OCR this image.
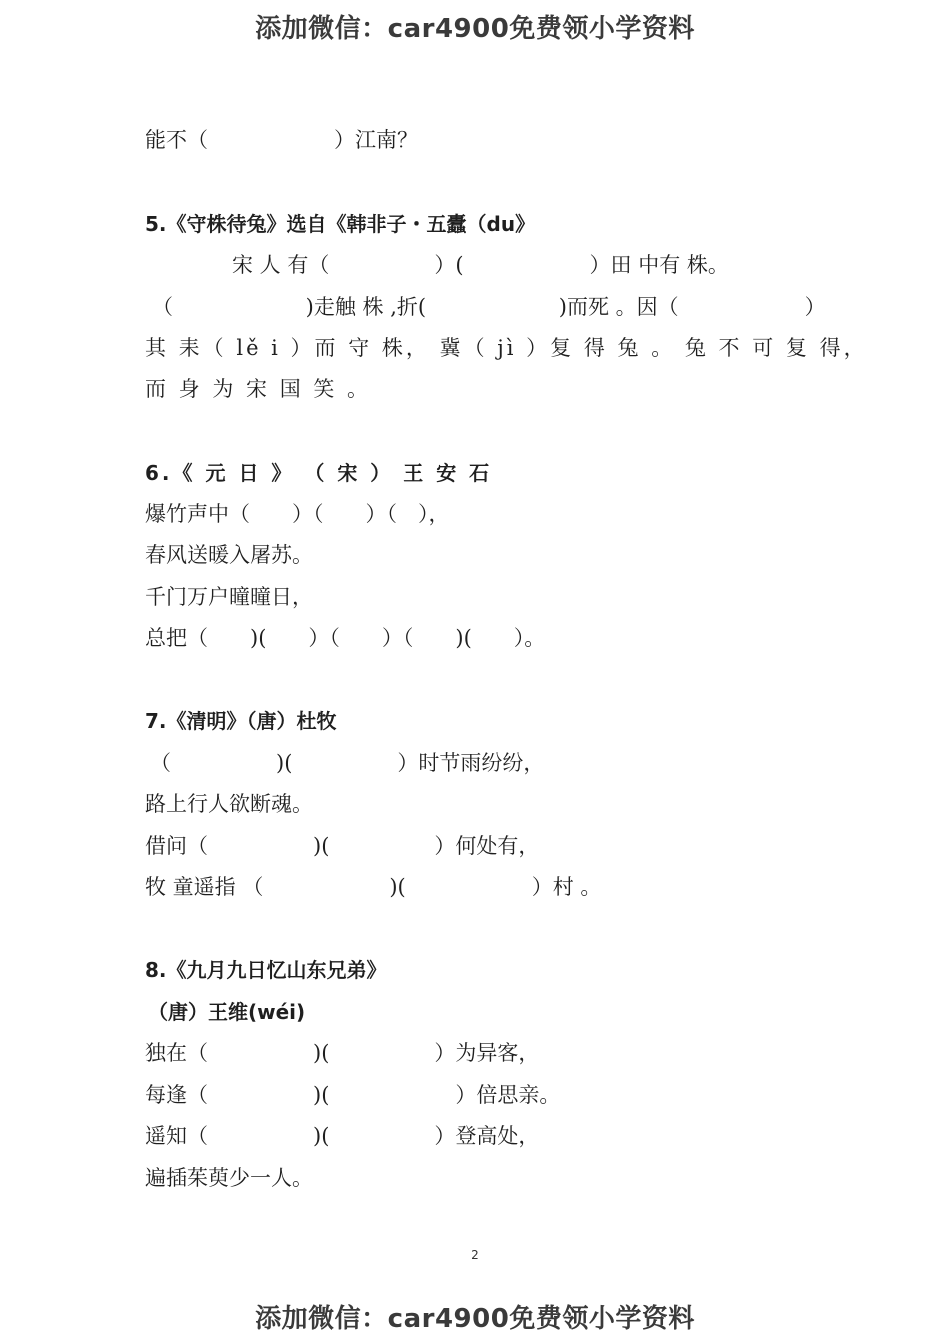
添加微信：car4900免费领小学资料
能不（　　　　　　）江南？
5.《守株待兔》选自《韩非子・五蠹（du》
宋 人 有（　　　　　）(　　　　　　）田 中有 株。
（　　　　　　 )走触 株 ,折(　　　　　　 )而死 。因（　　　　　　）
其 耒（ lě i ）而 守 株， 冀（ jì ）复 得 兔 。 兔 不 可 复 得，
而 身 为 宋 国 笑 。
6.《 元 日 》 （ 宋 ） 王 安 石
爆竹声中（　　）（　　）（　），
春风送暖入屠苏。
千门万户曈曈日，
总把（　　)(　　）（　　）（　　)(　　）。
7.《清明》（唐）杜牧
（　　　　　)(　　　　　）时节雨纷纷，
路上行人欲断魂。
借问（　　　　　)(　　　　　）何处有，
牧 童遥指 （　　　　　　)(　　　　　　）村 。
8.《九月九日忆山东兄弟》
（唐）王维(wéi)
独在（　　　　　)(　　　　　）为异客，
每逢（　　　　　)(　　　　　　）倍思亲。
遥知（　　　　　)(　　　　　）登高处，
遍插茱萸少一人。
2
添加微信：car4900免费领小学资料
